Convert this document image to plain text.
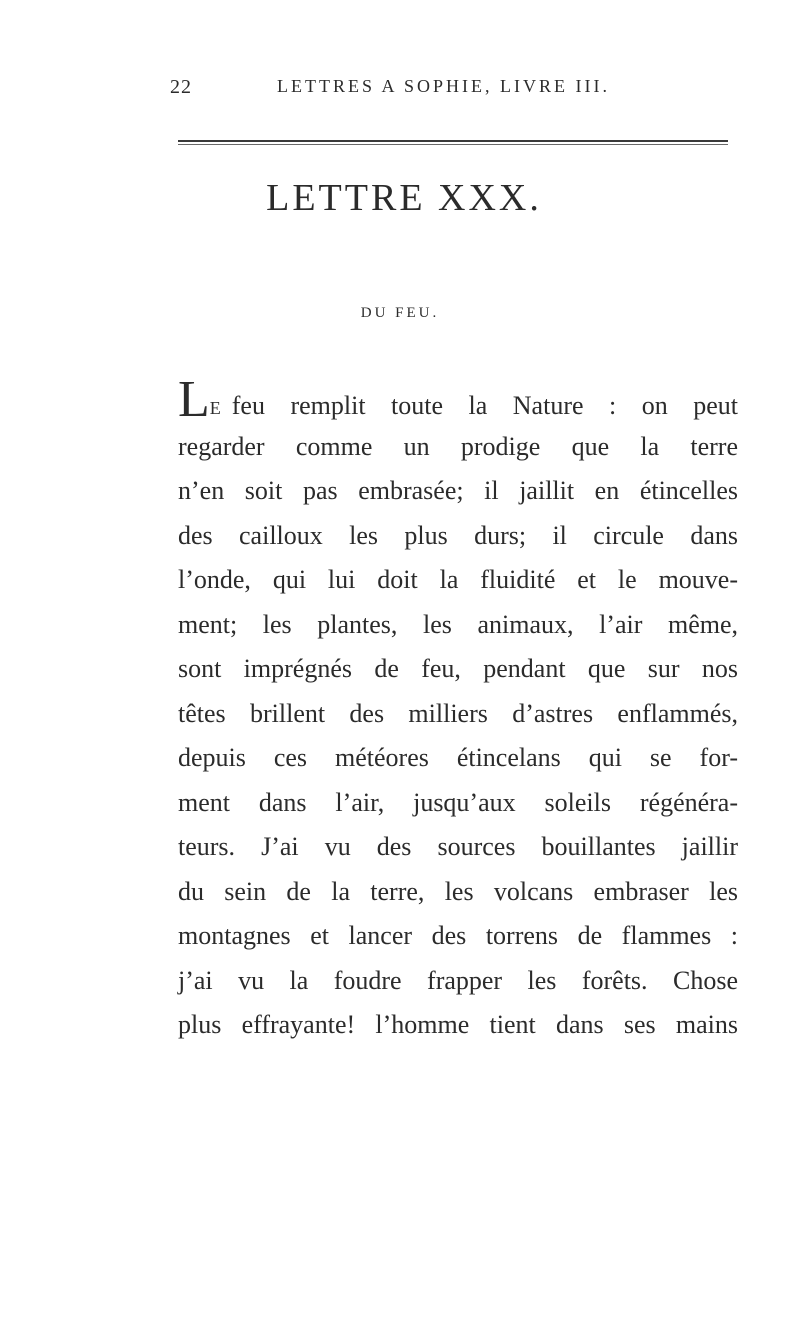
22	LETTRES A SOPHIE, LIVRE III.
LETTRE XXX.
DU FEU.
LE feu remplit toute la Nature : on peut
regarder comme un prodige que la terre
n’en soit pas embrasée; il jaillit en étincelles
des cailloux les plus durs; il circule dans
l’onde, qui lui doit la fluidité et le mouve-
ment; les plantes, les animaux, l’air même,
sont imprégnés de feu, pendant que sur nos
têtes brillent des milliers d’astres enflammés,
depuis ces météores étincelans qui se for-
ment dans l’air, jusqu’aux soleils régénéra-
teurs. J’ai vu des sources bouillantes jaillir
du sein de la terre, les volcans embraser les
montagnes et lancer des torrens de flammes :
j’ai vu la foudre frapper les forêts. Chose
plus effrayante! l’homme tient dans ses mains
